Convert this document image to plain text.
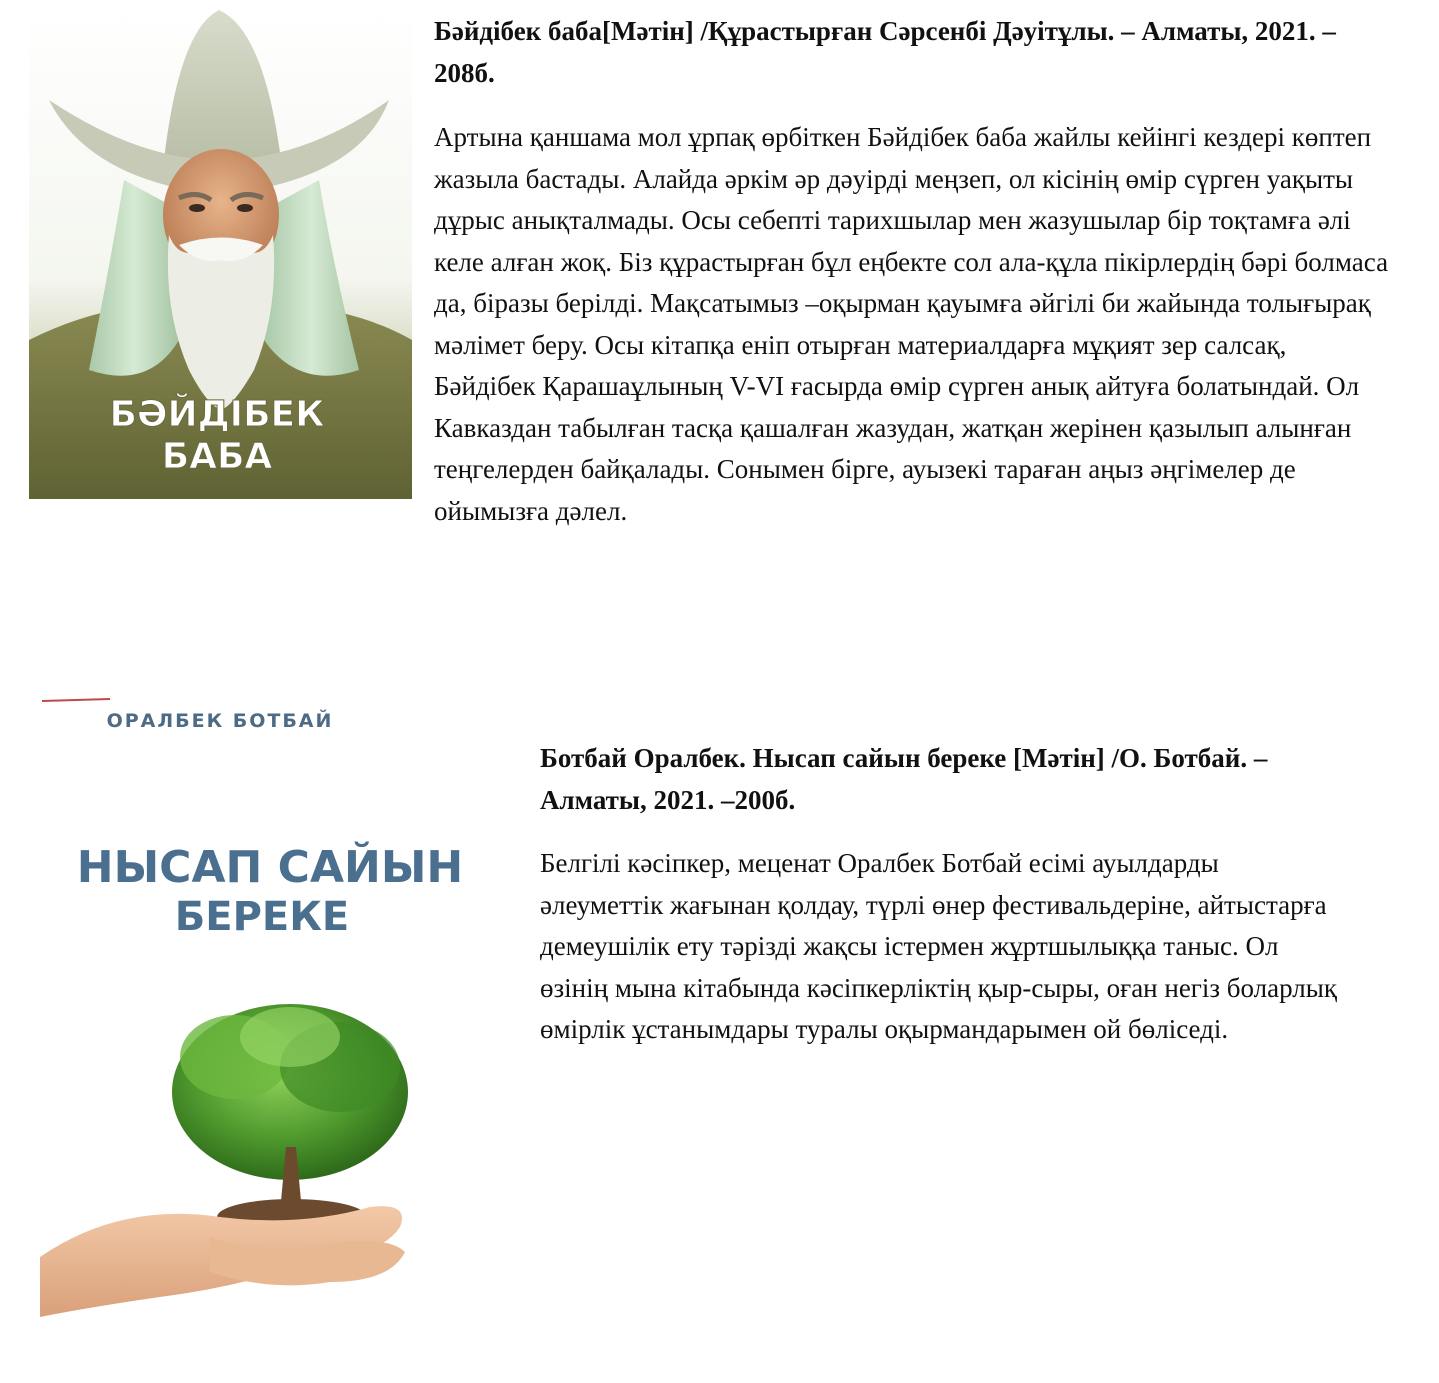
БӘЙДІБЕК
БАБА
Бәйдібек баба[Мәтін] /Құрастырған Сәрсенбі Дәуітұлы. – Алматы, 2021. –208б.
Артына қаншама мол ұрпақ өрбіткен Бәйдібек баба жайлы кейінгі кездері көптеп жазыла бастады. Алайда әркім әр дәуірді меңзеп, ол кісінің өмір сүрген уақыты дұрыс анықталмады. Осы себепті тарихшылар мен жазушылар бір тоқтамға әлі келе алған жоқ. Біз құрастырған бұл еңбекте сол ала-құла пікірлердің бәрі болмаса да, біразы берілді. Мақсатымыз –оқырман қауымға әйгілі би жайында толығырақ мәлімет беру. Осы кітапқа еніп отырған материалдарға мұқият зер салсақ, Бәйдібек Қарашаұлының V-VI ғасырда өмір сүрген анық айтуға болатындай. Ол Кавказдан табылған тасқа қашалған жазудан, жатқан жерінен қазылып алынған теңгелерден байқалады. Сонымен бірге, ауызекі тараған аңыз әңгімелер де ойымызға дәлел.
ОРАЛБЕК БОТБАЙ
НЫСАП САЙЫН
БЕРЕКЕ
Ботбай Оралбек. Нысап сайын береке [Мәтін] /О. Ботбай. – Алматы, 2021. –200б.
Белгілі кәсіпкер, меценат Оралбек Ботбай есімі ауылдарды әлеуметтік жағынан қолдау, түрлі өнер фестивальдеріне, айтыстарға демеушілік ету тәрізді жақсы істермен жұртшылыққа таныс. Ол өзінің мына кітабында кәсіпкерліктің қыр-сыры, оған негіз боларлық өмірлік ұстанымдары туралы оқырмандарымен ой бөліседі.
